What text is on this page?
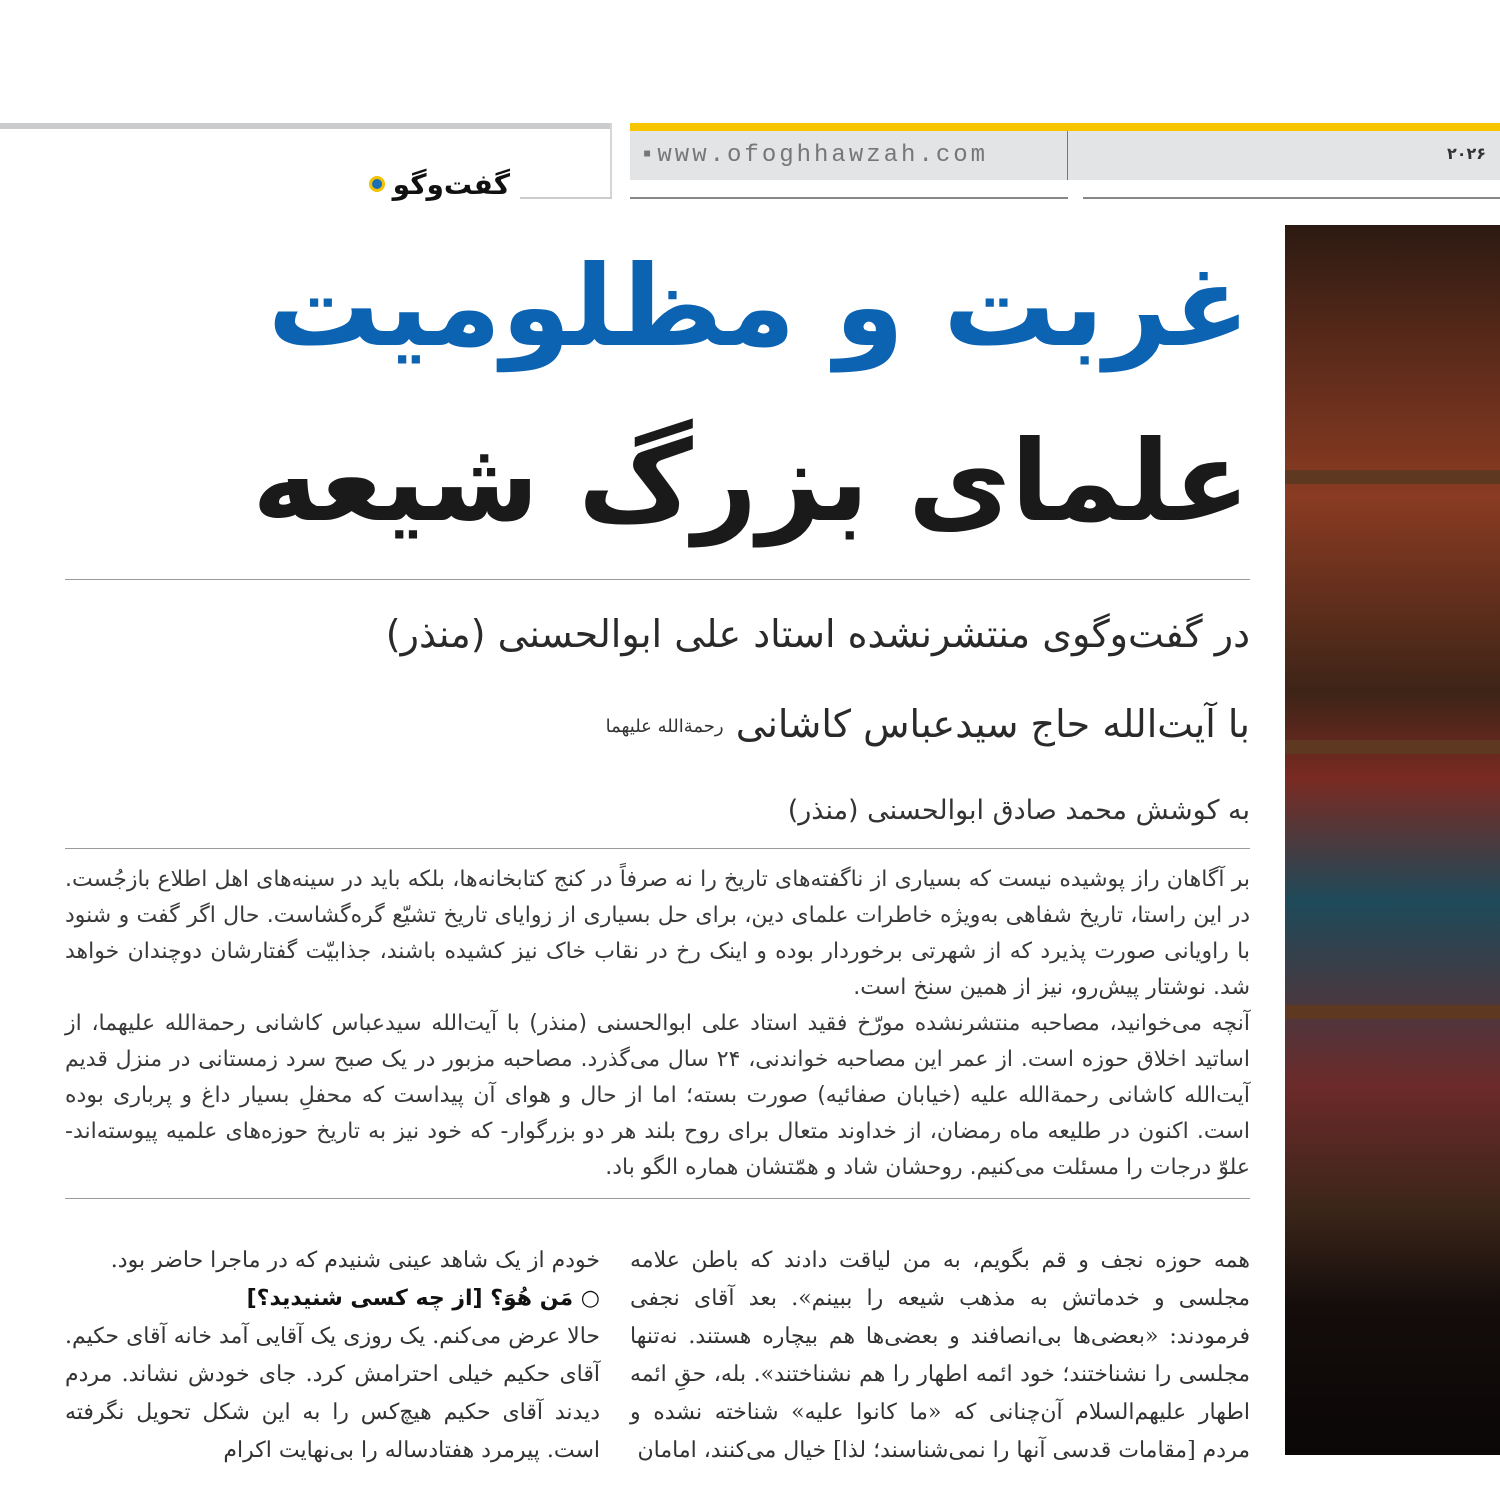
گفت‌وگو
▪www.ofoghhawzah.com	۲۰۲۶
غربت و مظلومیت
علمای بزرگ شیعه
در گفت‌وگوی منتشرنشده استاد علی ابوالحسنی (منذر)
با آیت‌الله حاج سیدعباس کاشانی رحمة‌الله علیهما
به کوشش محمد صادق ابوالحسنی (منذر)

بر آگاهان راز پوشیده نیست که بسیاری از ناگفته‌های تاریخ را نه صرفاً در کنج کتابخانه‌ها، بلکه باید در سینه‌های اهل اطلاع بازجُست. در این راستا، تاریخ شفاهی به‌ویژه خاطرات علمای دین، برای حل بسیاری از زوایای تاریخ تشیّع گره‌گشاست. حال اگر گفت و شنود با راویانی صورت پذیرد که از شهرتی برخوردار بوده و اینک رخ در نقاب خاک نیز کشیده باشند، جذابیّت گفتارشان دوچندان خواهد شد. نوشتار پیش‌رو، نیز از همین سنخ است.

آنچه می‌خوانید، مصاحبه منتشرنشده مورّخ فقید استاد علی ابوالحسنی (منذر) با آیت‌الله سیدعباس کاشانی رحمة‌الله علیهما، از اساتید اخلاق حوزه است. از عمر این مصاحبه خواندنی، ۲۴ سال می‌گذرد. مصاحبه مزبور در یک صبح سرد زمستانی در منزل قدیم آیت‌الله کاشانی رحمة‌الله علیه (خیابان صفائیه) صورت بسته؛ اما از حال و هوای آن پیداست که محفلِ بسیار داغ و پرباری بوده است. اکنون در طلیعه ماه رمضان، از خداوند متعال برای روح بلند هر دو بزرگوار- که خود نیز به تاریخ حوزه‌های علمیه پیوسته‌اند- علوّ درجات را مسئلت می‌کنیم. روحشان شاد و همّتشان هماره الگو باد.

همه حوزه نجف و قم بگویم، به من لیاقت دادند که باطن علامه مجلسی و خدماتش به مذهب شیعه را ببینم». بعد آقای نجفی فرمودند: «بعضی‌ها بی‌انصافند و بعضی‌ها هم بیچاره هستند. نه‌تنها مجلسی را نشناختند؛ خود ائمه اطهار را هم نشناختند». بله، حقِ ائمه اطهار علیهم‌السلام آن‌چنانی که «ما کانوا علیه» شناخته نشده و مردم [مقامات قدسی آنها را نمی‌شناسند؛ لذا] خیال می‌کنند، امامان

خودم از یک شاهد عینی شنیدم که در ماجرا حاضر بود.

○ مَن هُوَ؟ [از چه کسی شنیدید؟]

حالا عرض می‌کنم. یک روزی یک آقایی آمد خانه آقای حکیم. آقای حکیم خیلی احترامش کرد. جای خودش نشاند. مردم دیدند آقای حکیم هیچ‌کس را به این شکل تحویل نگرفته است. پیرمرد هفتادساله را بی‌نهایت اکرام
